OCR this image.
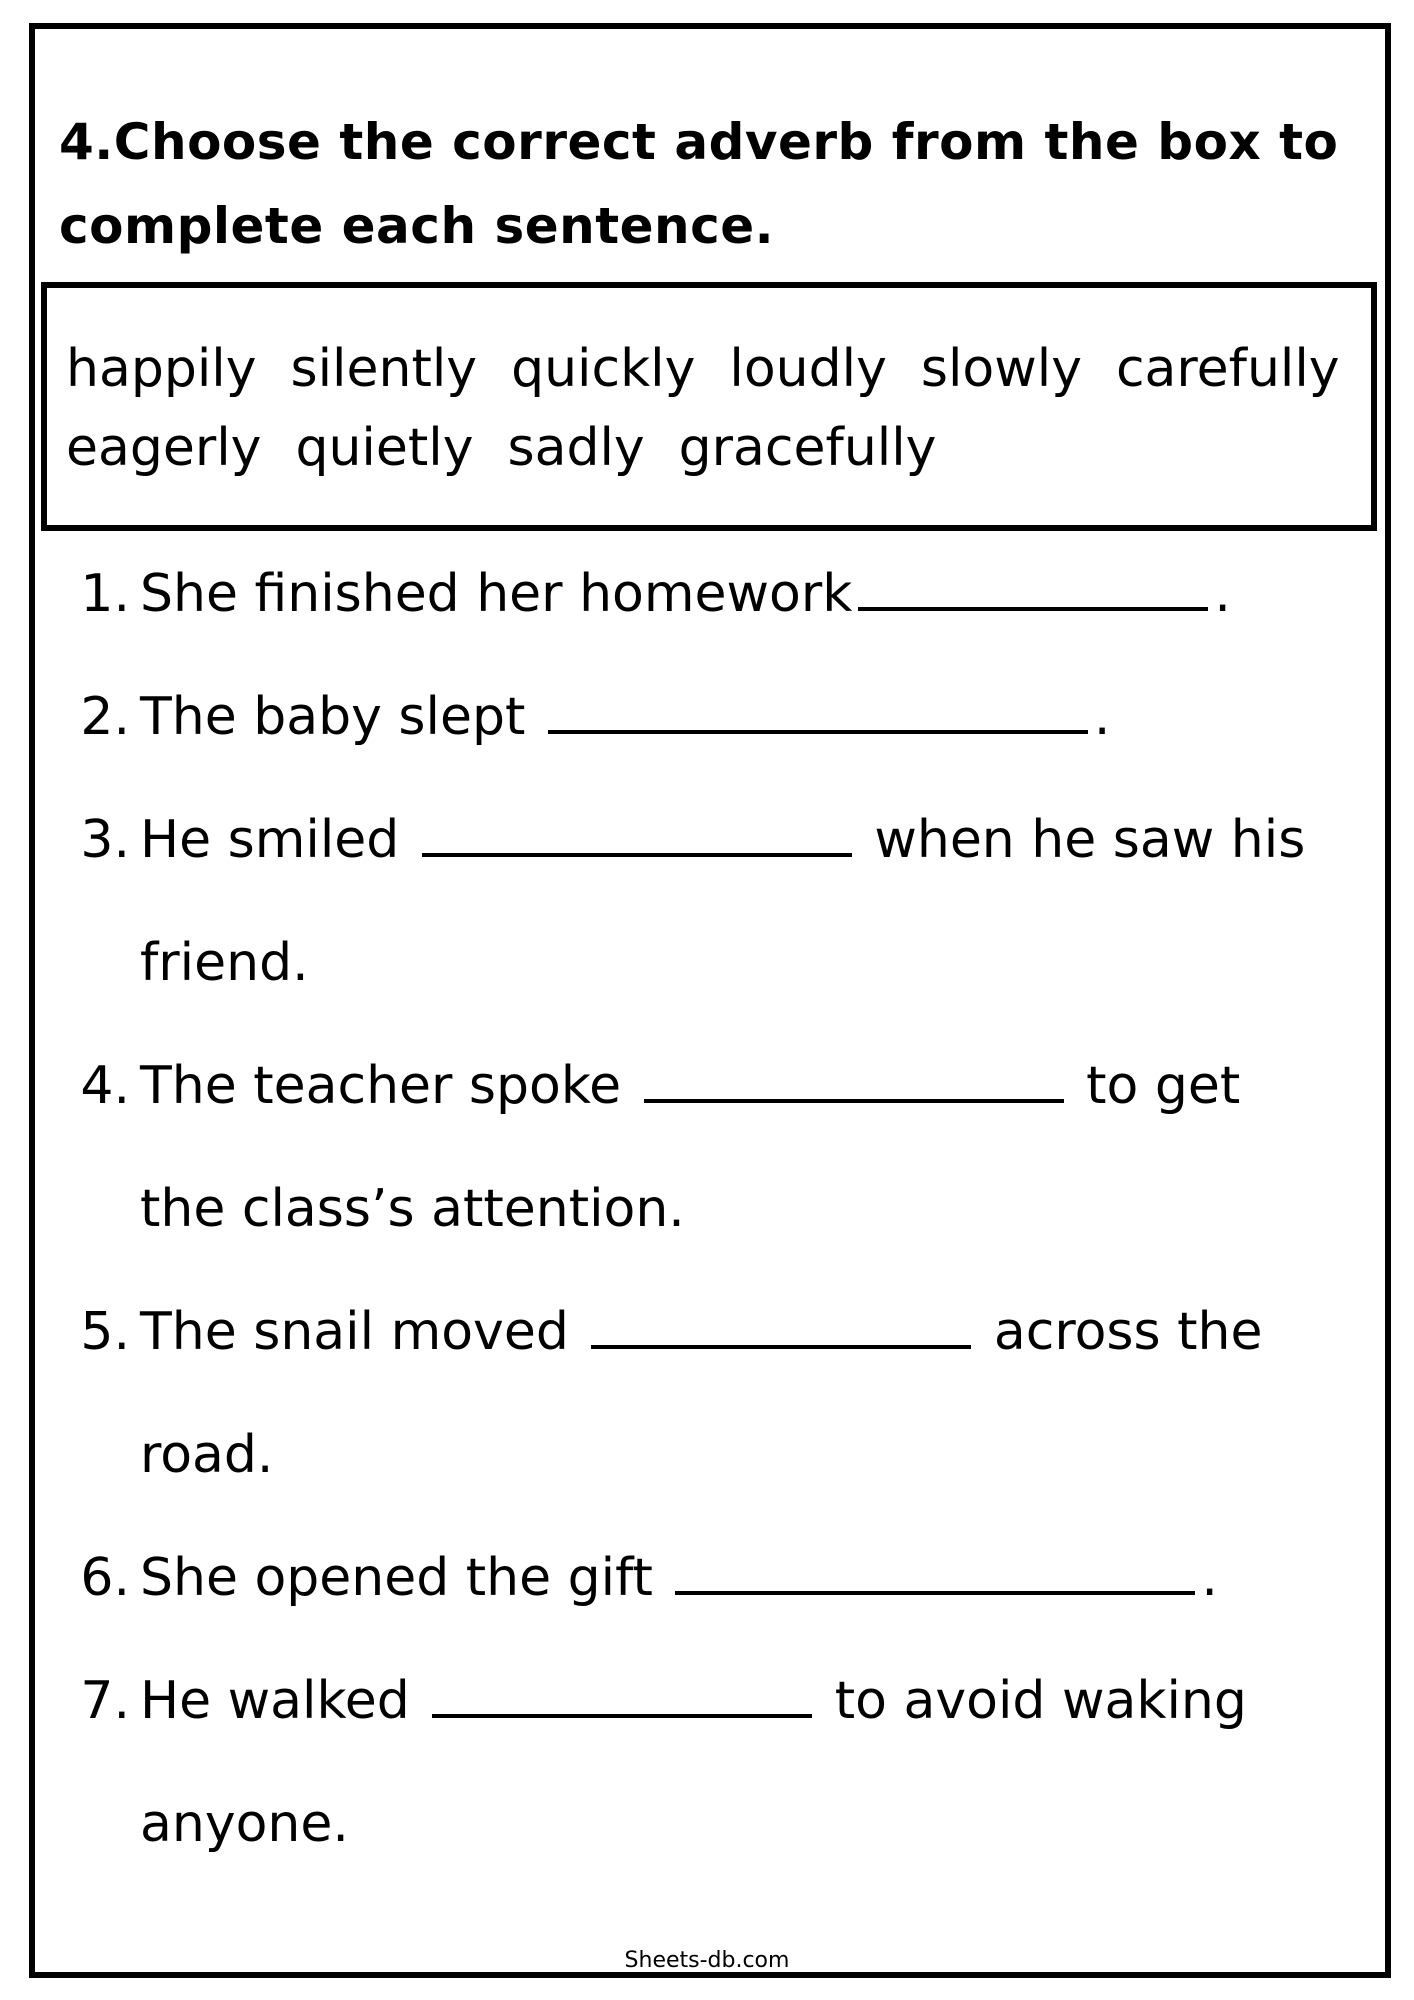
4.Choose the correct adverb from the box to complete each sentence.

happily silently quickly loudly slowly carefully
eagerly quietly sadly gracefully
1. She finished her homework	.
2. The baby slept	.
3. He smiled	when he saw his
friend.
4. The teacher spoke	to get
the class’s attention.
5. The snail moved	across the
road.
6. She opened the gift	.
7. He walked	to avoid waking
anyone.
Sheets-db.com
